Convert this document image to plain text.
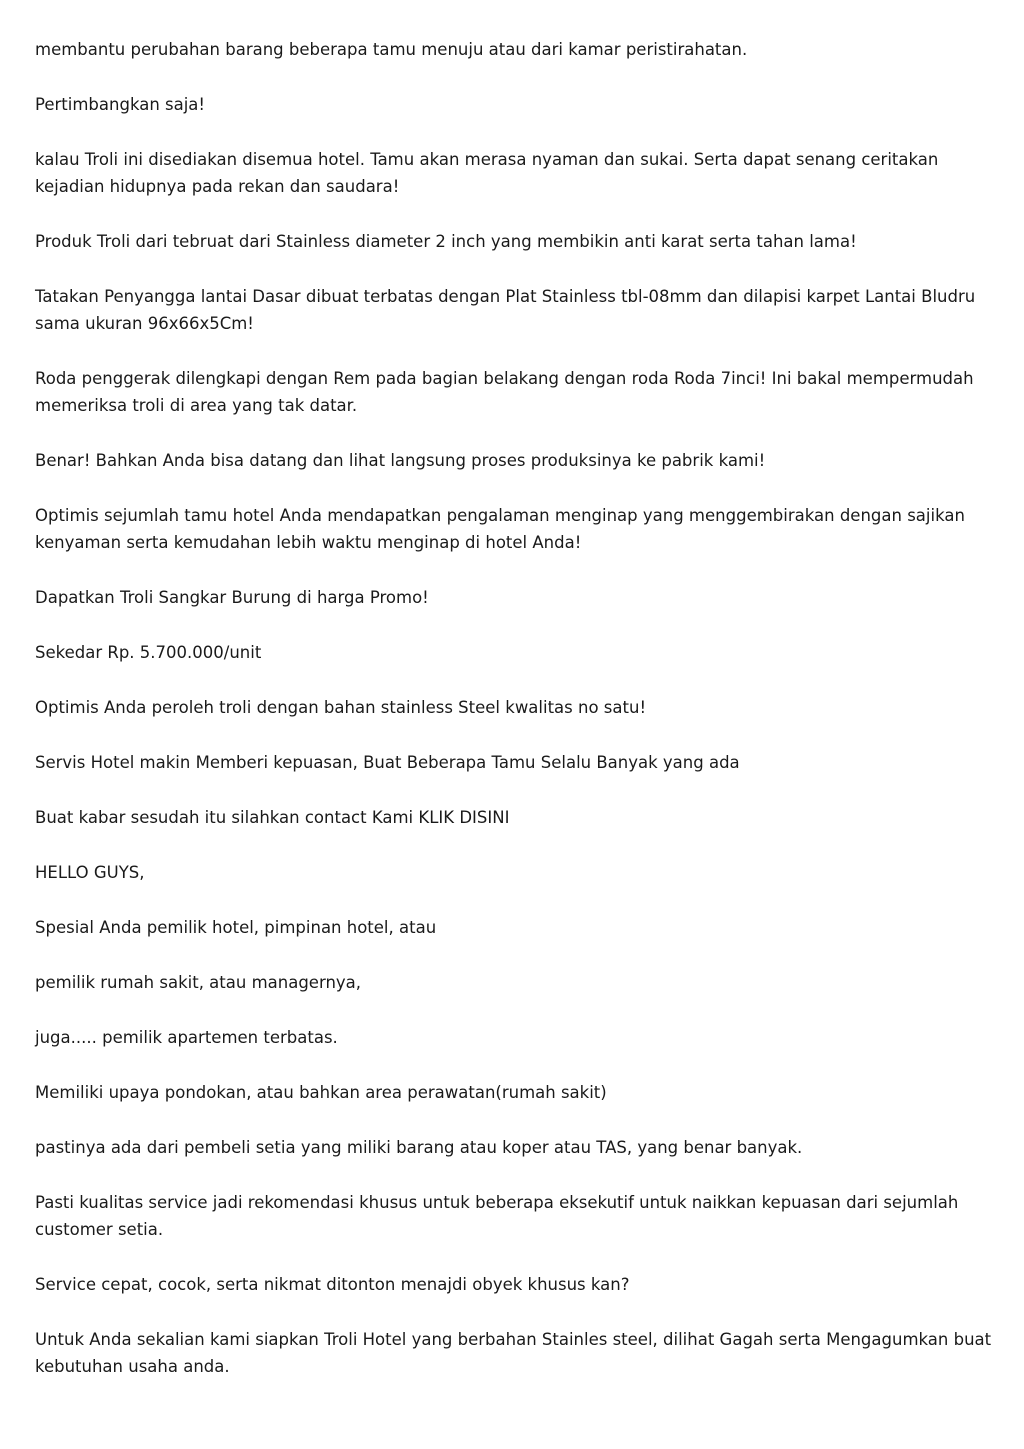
membantu perubahan barang beberapa tamu menuju atau dari kamar peristirahatan.

Pertimbangkan saja!

kalau Troli ini disediakan disemua hotel. Tamu akan merasa nyaman dan sukai. Serta dapat senang ceritakan kejadian hidupnya pada rekan dan saudara!

Produk Troli dari tebruat dari Stainless diameter 2 inch yang membikin anti karat serta tahan lama!

Tatakan Penyangga lantai Dasar dibuat terbatas dengan Plat Stainless tbl-08mm dan dilapisi karpet Lantai Bludru sama ukuran 96x66x5Cm!

Roda penggerak dilengkapi dengan Rem pada bagian belakang dengan roda Roda 7inci! Ini bakal mempermudah memeriksa troli di area yang tak datar.

Benar! Bahkan Anda bisa datang dan lihat langsung proses produksinya ke pabrik kami!

Optimis sejumlah tamu hotel Anda mendapatkan pengalaman menginap yang menggembirakan dengan sajikan kenyaman serta kemudahan lebih waktu menginap di hotel Anda!

Dapatkan Troli Sangkar Burung di harga Promo!

Sekedar Rp. 5.700.000/unit

Optimis Anda peroleh troli dengan bahan stainless Steel kwalitas no satu!

Servis Hotel makin Memberi kepuasan, Buat Beberapa Tamu Selalu Banyak yang ada

Buat kabar sesudah itu silahkan contact Kami KLIK DISINI

HELLO GUYS,

Spesial Anda pemilik hotel, pimpinan hotel, atau

pemilik rumah sakit, atau managernya,

juga..... pemilik apartemen terbatas.

Memiliki upaya pondokan, atau bahkan area perawatan(rumah sakit)

pastinya ada dari pembeli setia yang miliki barang atau koper atau TAS, yang benar banyak.

Pasti kualitas service jadi rekomendasi khusus untuk beberapa eksekutif untuk naikkan kepuasan dari sejumlah customer setia.

Service cepat, cocok, serta nikmat ditonton menajdi obyek khusus kan?

Untuk Anda sekalian kami siapkan Troli Hotel yang berbahan Stainles steel, dilihat Gagah serta Mengagumkan buat kebutuhan usaha anda.
